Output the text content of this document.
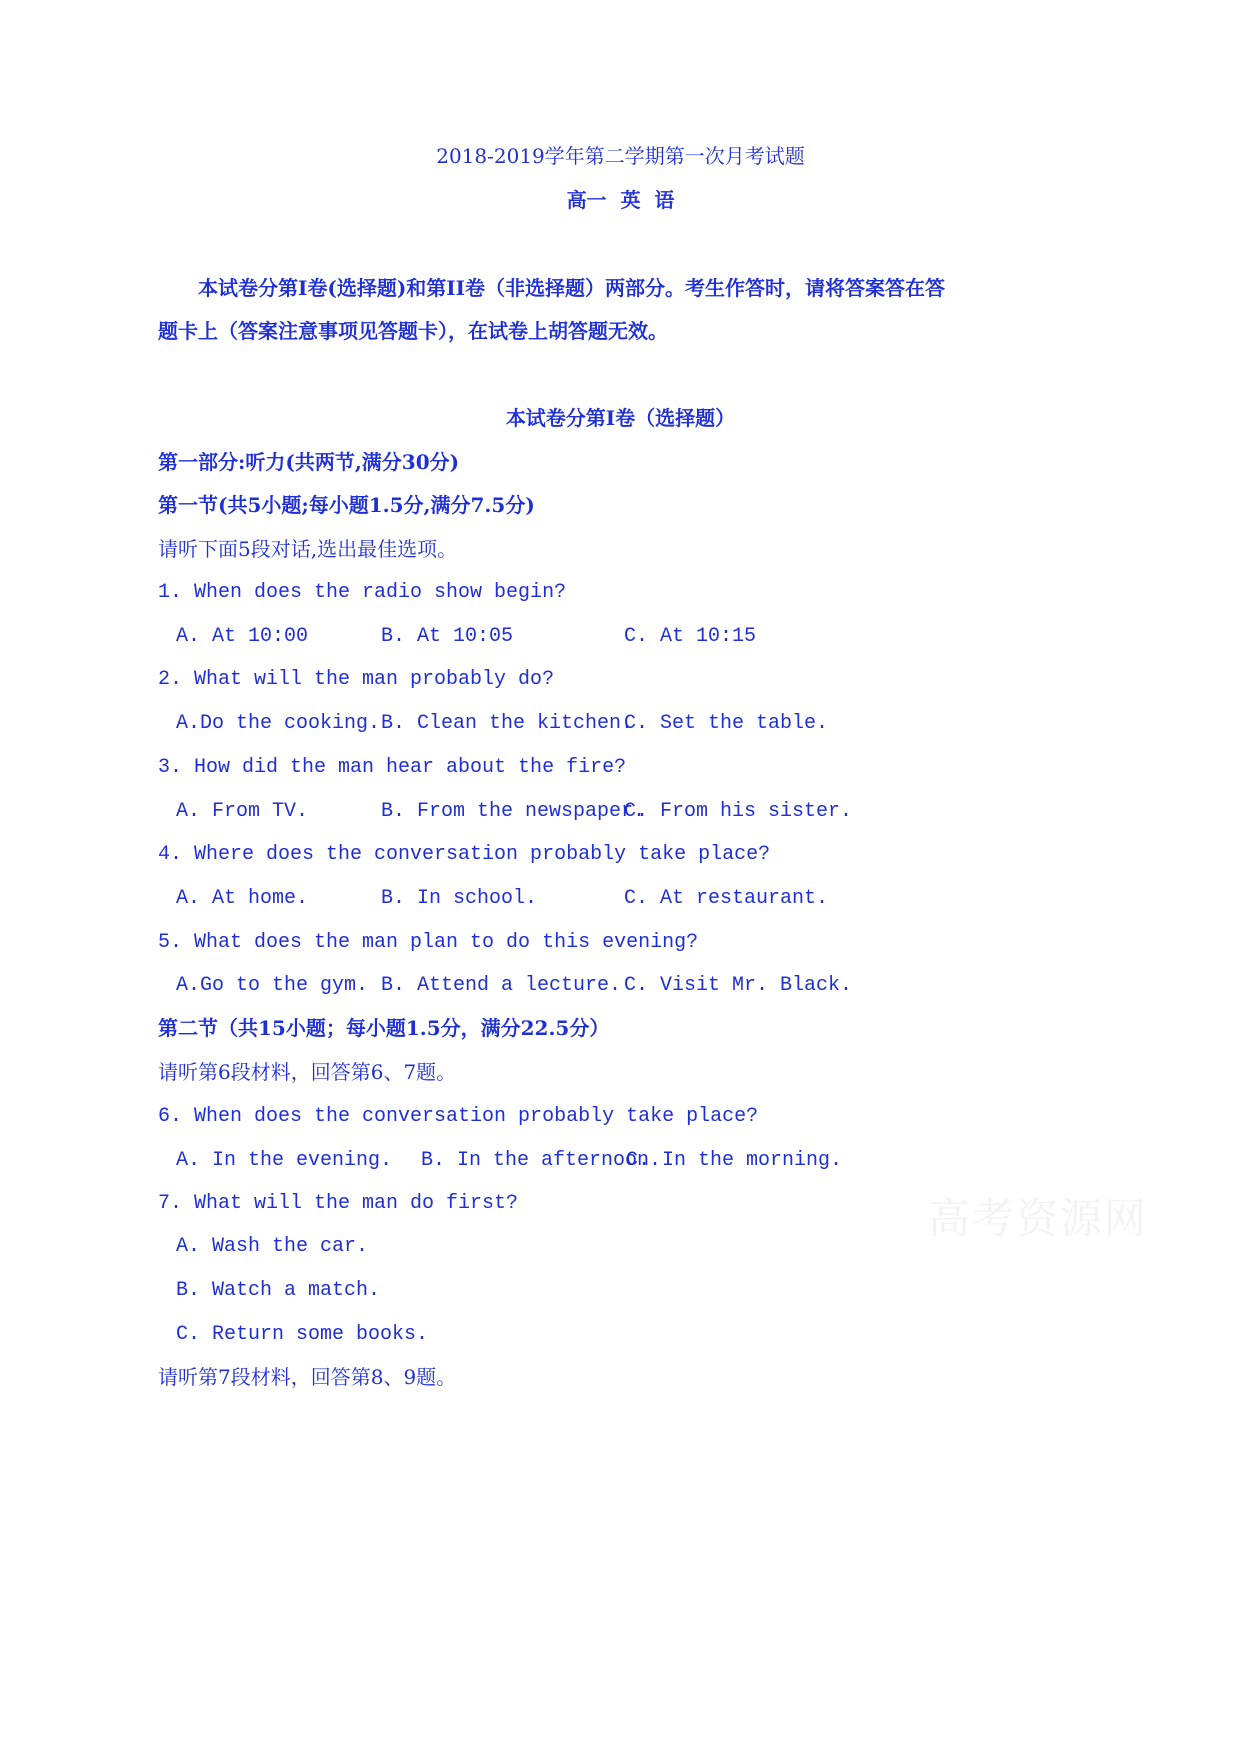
高考资源网
2018-2019学年第二学期第一次月考试题
高一  英  语
本试卷分第Ⅰ卷(选择题)和第II卷（非选择题）两部分。考生作答时，请将答案答在答
题卡上（答案注意事项见答题卡），在试卷上胡答题无效。
本试卷分第Ⅰ卷（选择题）
第一部分:听力(共两节,满分30分)
第一节(共5小题;每小题1.5分,满分7.5分)
请听下面5段对话,选出最佳选项。
1. When does the radio show begin?
A. At 10:00	B. At 10:05	C. At 10:15
2. What will the man probably do?
A.Do the cooking. B. Clean the kitchen.
C. Set the table.
3. How did the man hear about the fire?
A. From TV.	B. From the newspaper.
C. From his sister.
4. Where does the conversation probably take place?
A. At home.	B. In school.	C. At restaurant.
5. What does the man plan to do this evening?
A.Go to the gym. B. Attend a lecture. C. Visit Mr. Black.
第二节（共15小题；每小题1.5分，满分22.5分）
请听第6段材料，回答第6、7题。
6. When does the conversation probably take place?
A. In the evening. B. In the afternoon.
C. In the morning.
7. What will the man do first?
A. Wash the car.
B. Watch a match.
C. Return some books.
请听第7段材料，回答第8、9题。
